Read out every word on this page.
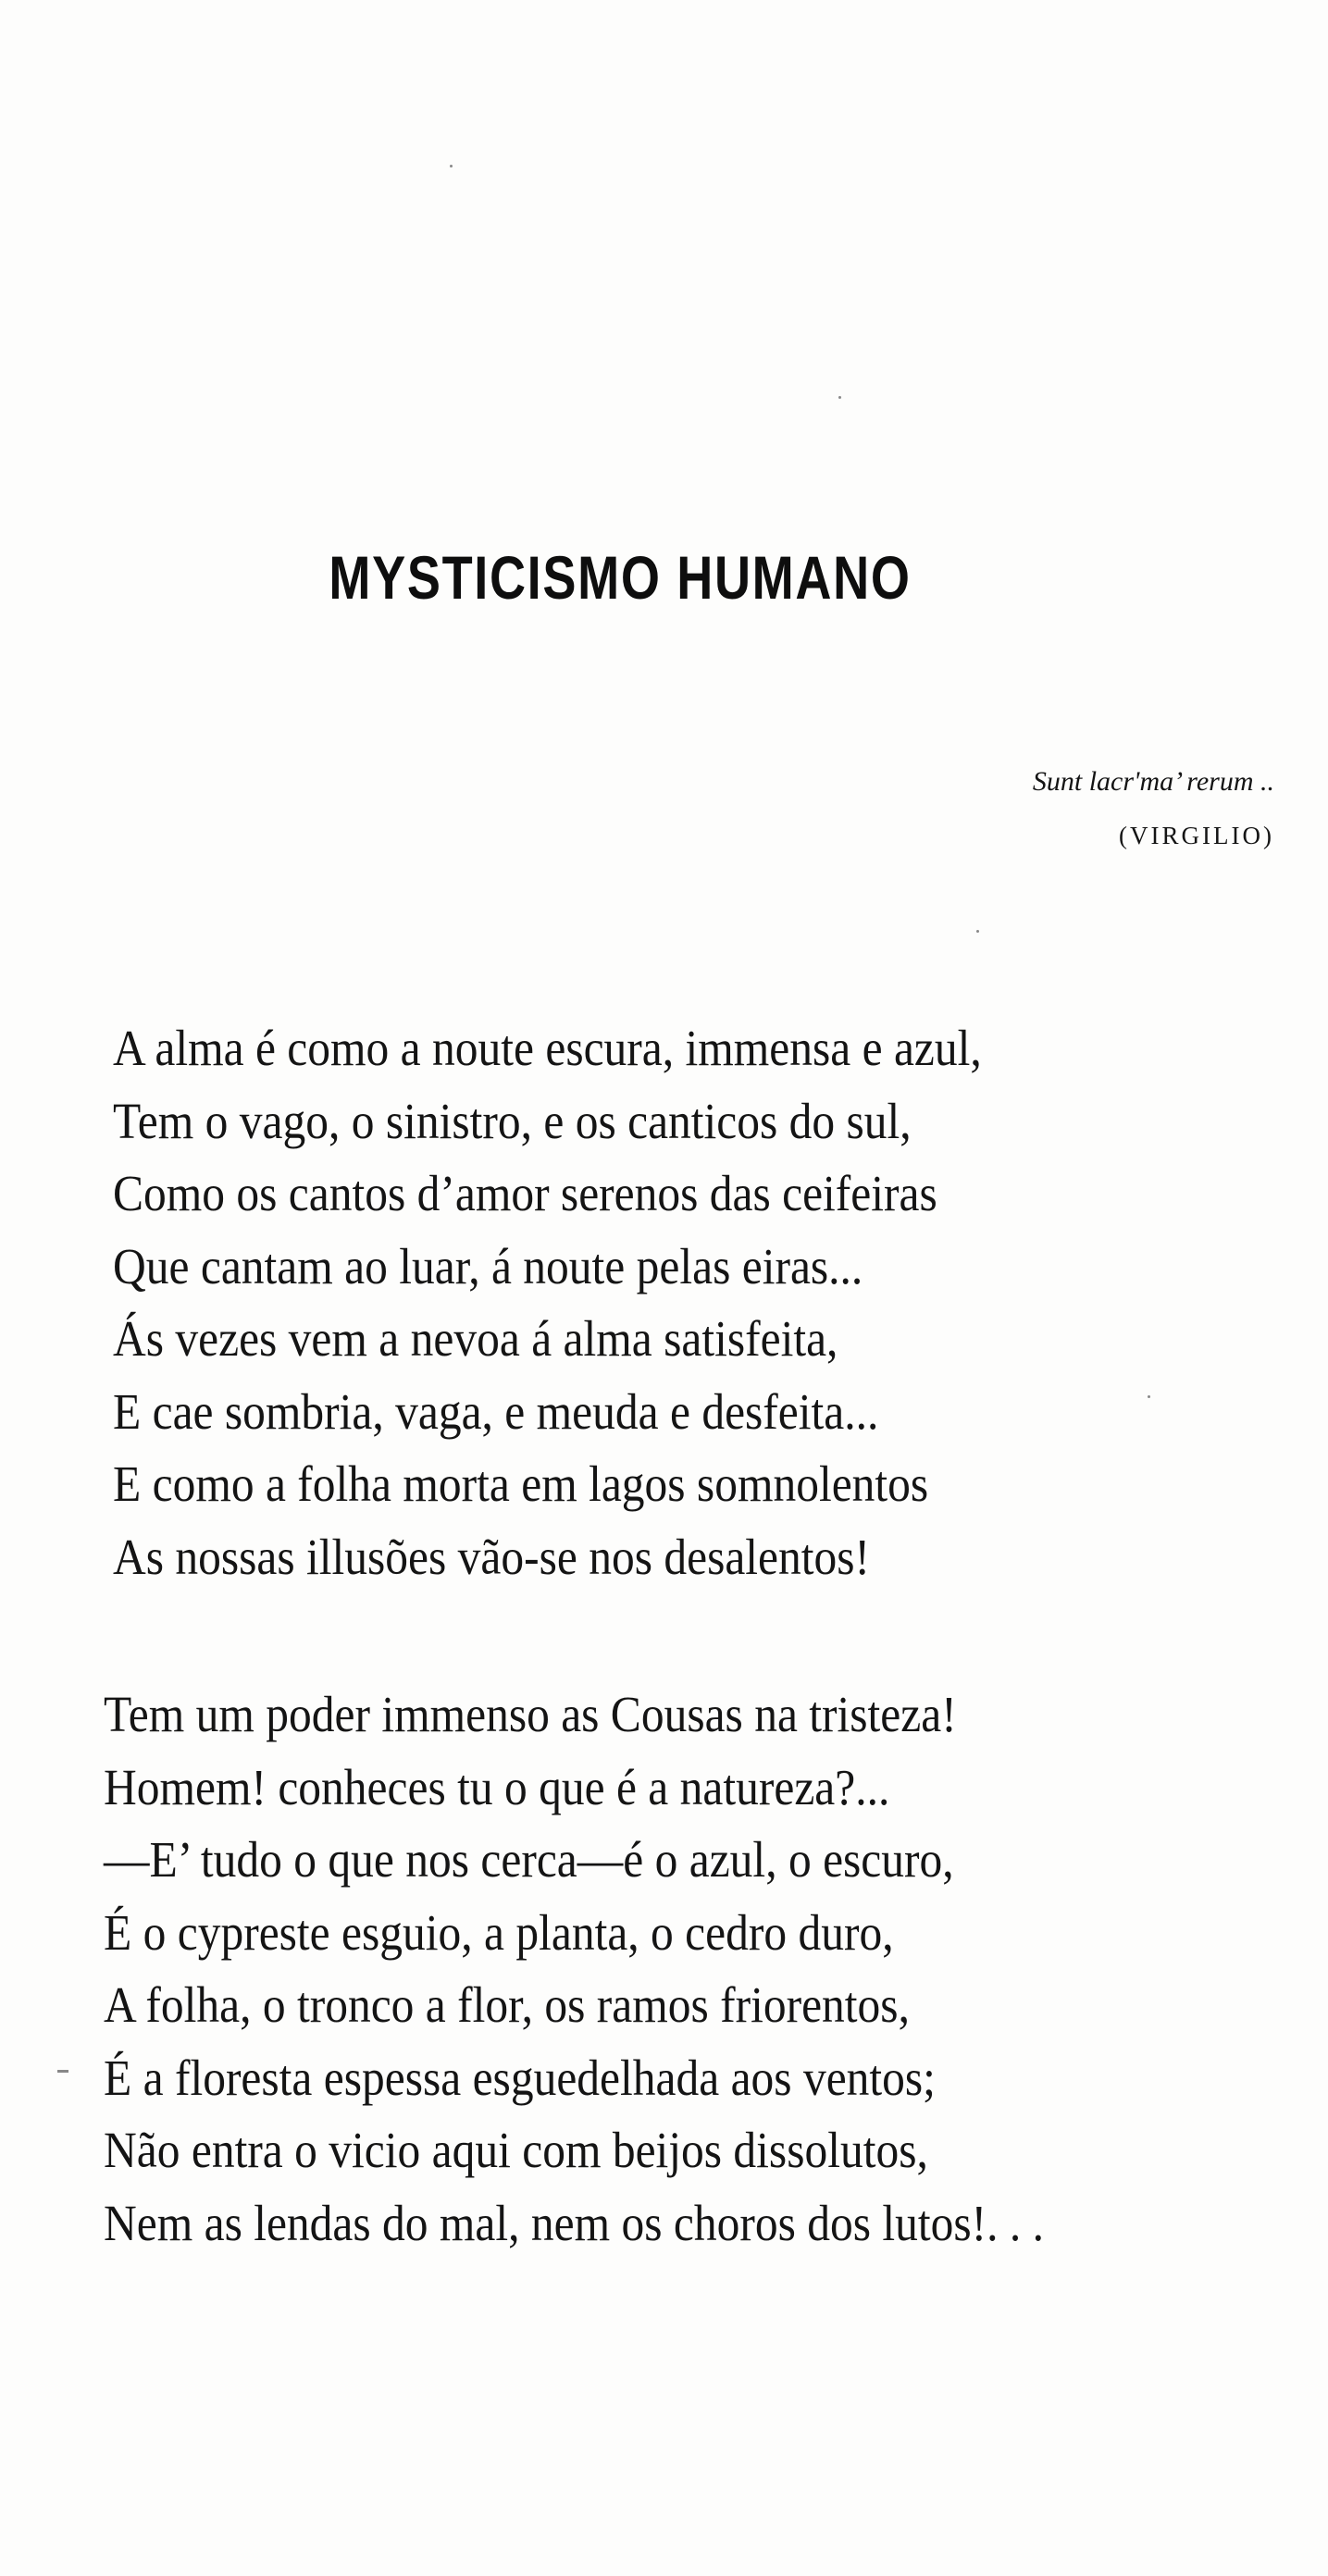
MYSTICISMO HUMANO
Sunt lacr'ma’ rerum ..
(VIRGILIO)
A alma é como a noute escura, immensa e azul,
Tem o vago, o sinistro, e os canticos do sul,
Como os cantos d’amor serenos das ceifeiras
Que cantam ao luar, á noute pelas eiras...
Ás vezes vem a nevoa á alma satisfeita,
E cae sombria, vaga, e meuda e desfeita...
E como a folha morta em lagos somnolentos
As nossas illusões vão-se nos desalentos!
Tem um poder immenso as Cousas na tristeza!
Homem! conheces tu o que é a natureza?...
—E’ tudo o que nos cerca—é o azul, o escuro,
É o cypreste esguio, a planta, o cedro duro,
A folha, o tronco a flor, os ramos friorentos,
É a floresta espessa esguedelhada aos ventos;
Não entra o vicio aqui com beijos dissolutos,
Nem as lendas do mal, nem os choros dos lutos!. . .
